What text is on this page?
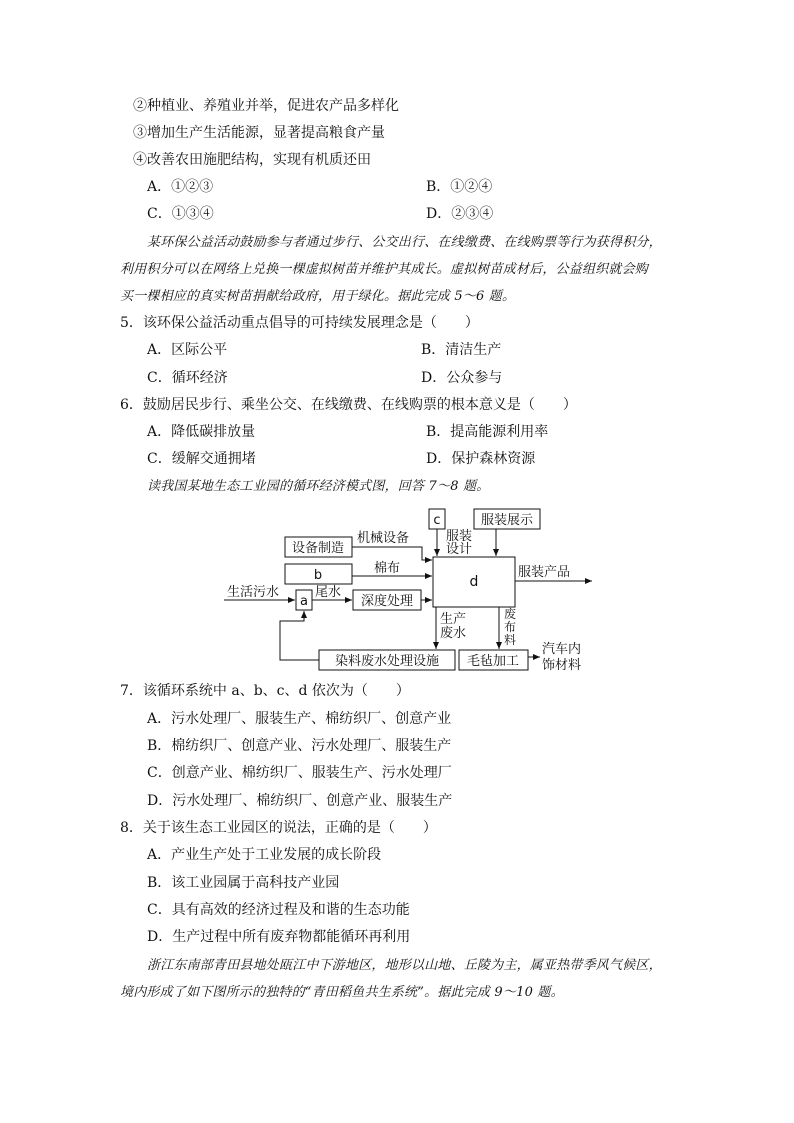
②种植业、养殖业并举，促进农产品多样化
③增加生产生活能源，显著提高粮食产量
④改善农田施肥结构，实现有机质还田
A．①②③	B．①②④
C．①③④	D．②③④
某环保公益活动鼓励参与者通过步行、公交出行、在线缴费、在线购票等行为获得积分，
利用积分可以在网络上兑换一棵虚拟树苗并维护其成长。虚拟树苗成材后，公益组织就会购
买一棵相应的真实树苗捐献给政府，用于绿化。据此完成 5～6 题。
5．该环保公益活动重点倡导的可持续发展理念是（　　）
A．区际公平	B．清洁生产
C．循环经济	D．公众参与
6．鼓励居民步行、乘坐公交、在线缴费、在线购票的根本意义是（　　）
A．降低碳排放量	B．提高能源利用率
C．缓解交通拥堵	D．保护森林资源
读我国某地生态工业园的循环经济模式图，回答 7～8 题。
c	服装展示
设备制造
机械设备	服装
设计
b	棉布
d
服装产品
生活污水
a
尾水
深度处理
生产
废水
废
布
料
染料废水处理设施 毛毡加工
汽车内
饰材料
7．该循环系统中 a、b、c、d 依次为（　　）
A．污水处理厂、服装生产、棉纺织厂、创意产业
B．棉纺织厂、创意产业、污水处理厂、服装生产
C．创意产业、棉纺织厂、服装生产、污水处理厂
D．污水处理厂、棉纺织厂、创意产业、服装生产
8．关于该生态工业园区的说法，正确的是（　　）
A．产业生产处于工业发展的成长阶段
B．该工业园属于高科技产业园
C．具有高效的经济过程及和谐的生态功能
D．生产过程中所有废弃物都能循环再利用
浙江东南部青田县地处瓯江中下游地区，地形以山地、丘陵为主，属亚热带季风气候区，
境内形成了如下图所示的独特的“青田稻鱼共生系统”。据此完成 9～10 题。
